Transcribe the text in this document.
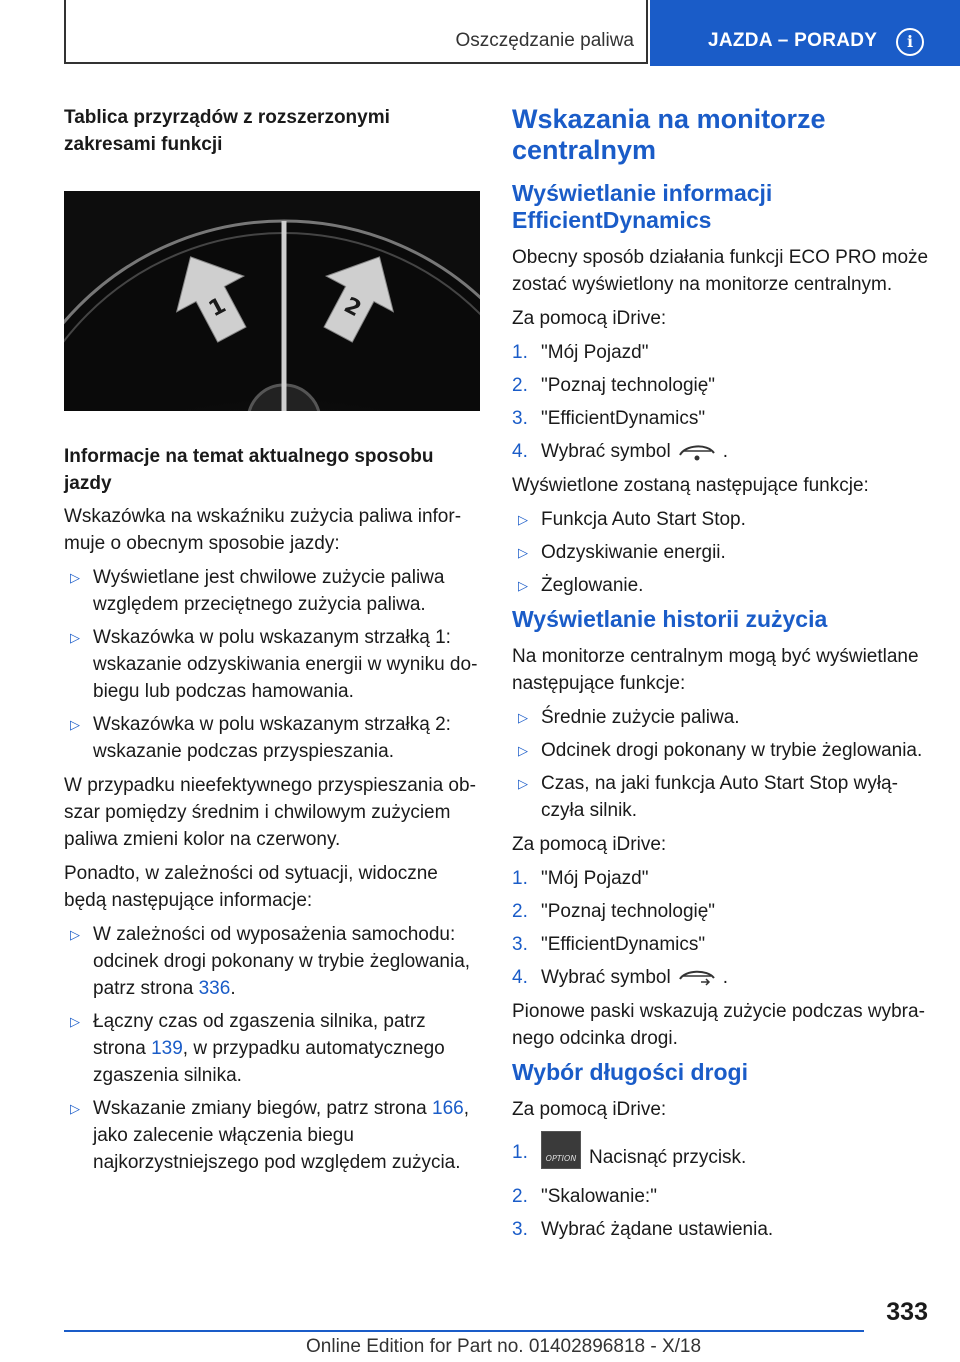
Oszczędzanie paliwa	JAZDA – PORADY	i
Tablica przyrządów z rozszerzonymi zakresami funkcji
1	2
Informacje na temat aktualnego sposobu jazdy

Wskazówka na wskaźniku zużycia paliwa informuje o obecnym sposobie jazdy:

▷ Wyświetlane jest chwilowe zużycie paliwa względem przeciętnego zużycia paliwa.
▷ Wskazówka w polu wskazanym strzałką 1: wskazanie odzyskiwania energii w wyniku dobiegu lub podczas hamowania.
▷ Wskazówka w polu wskazanym strzałką 2: wskazanie podczas przyspieszania.

W przypadku nieefektywnego przyspieszania obszar pomiędzy średnim i chwilowym zużyciem paliwa zmieni kolor na czerwony.

Ponadto, w zależności od sytuacji, widoczne będą następujące informacje:

▷ W zależności od wyposażenia samochodu: odcinek drogi pokonany w trybie żeglowania, patrz strona 336.
▷ Łączny czas od zgaszenia silnika, patrz strona 139, w przypadku automatycznego zgaszenia silnika.
▷ Wskazanie zmiany biegów, patrz strona 166, jako zalecenie włączenia biegu najkorzystniejszego pod względem zużycia.
Wskazania na monitorze centralnym
Wyświetlanie informacji EfficientDynamics

Obecny sposób działania funkcji ECO PRO może zostać wyświetlony na monitorze centralnym.

Za pomocą iDrive:

1. "Mój Pojazd"
2. "Poznaj technologię"
3. "EfficientDynamics"
4. Wybrać symbol	.

Wyświetlone zostaną następujące funkcje:

▷ Funkcja Auto Start Stop.
▷ Odzyskiwanie energii.
▷ Żeglowanie.
Wyświetlanie historii zużycia

Na monitorze centralnym mogą być wyświetlane następujące funkcje:

▷ Średnie zużycie paliwa.
▷ Odcinek drogi pokonany w trybie żeglowania.
▷ Czas, na jaki funkcja Auto Start Stop wyłączyła silnik.

Za pomocą iDrive:

1. "Mój Pojazd"
2. "Poznaj technologię"
3. "EfficientDynamics"
4. Wybrać symbol	.

Pionowe paski wskazują zużycie podczas wybranego odcinka drogi.

Wybór długości drogi

Za pomocą iDrive:

1.	OPTION Nacisnąć przycisk.
2. "Skalowanie:"
3. Wybrać żądane ustawienia.
333
Online Edition for Part no. 01402896818 - X/18
